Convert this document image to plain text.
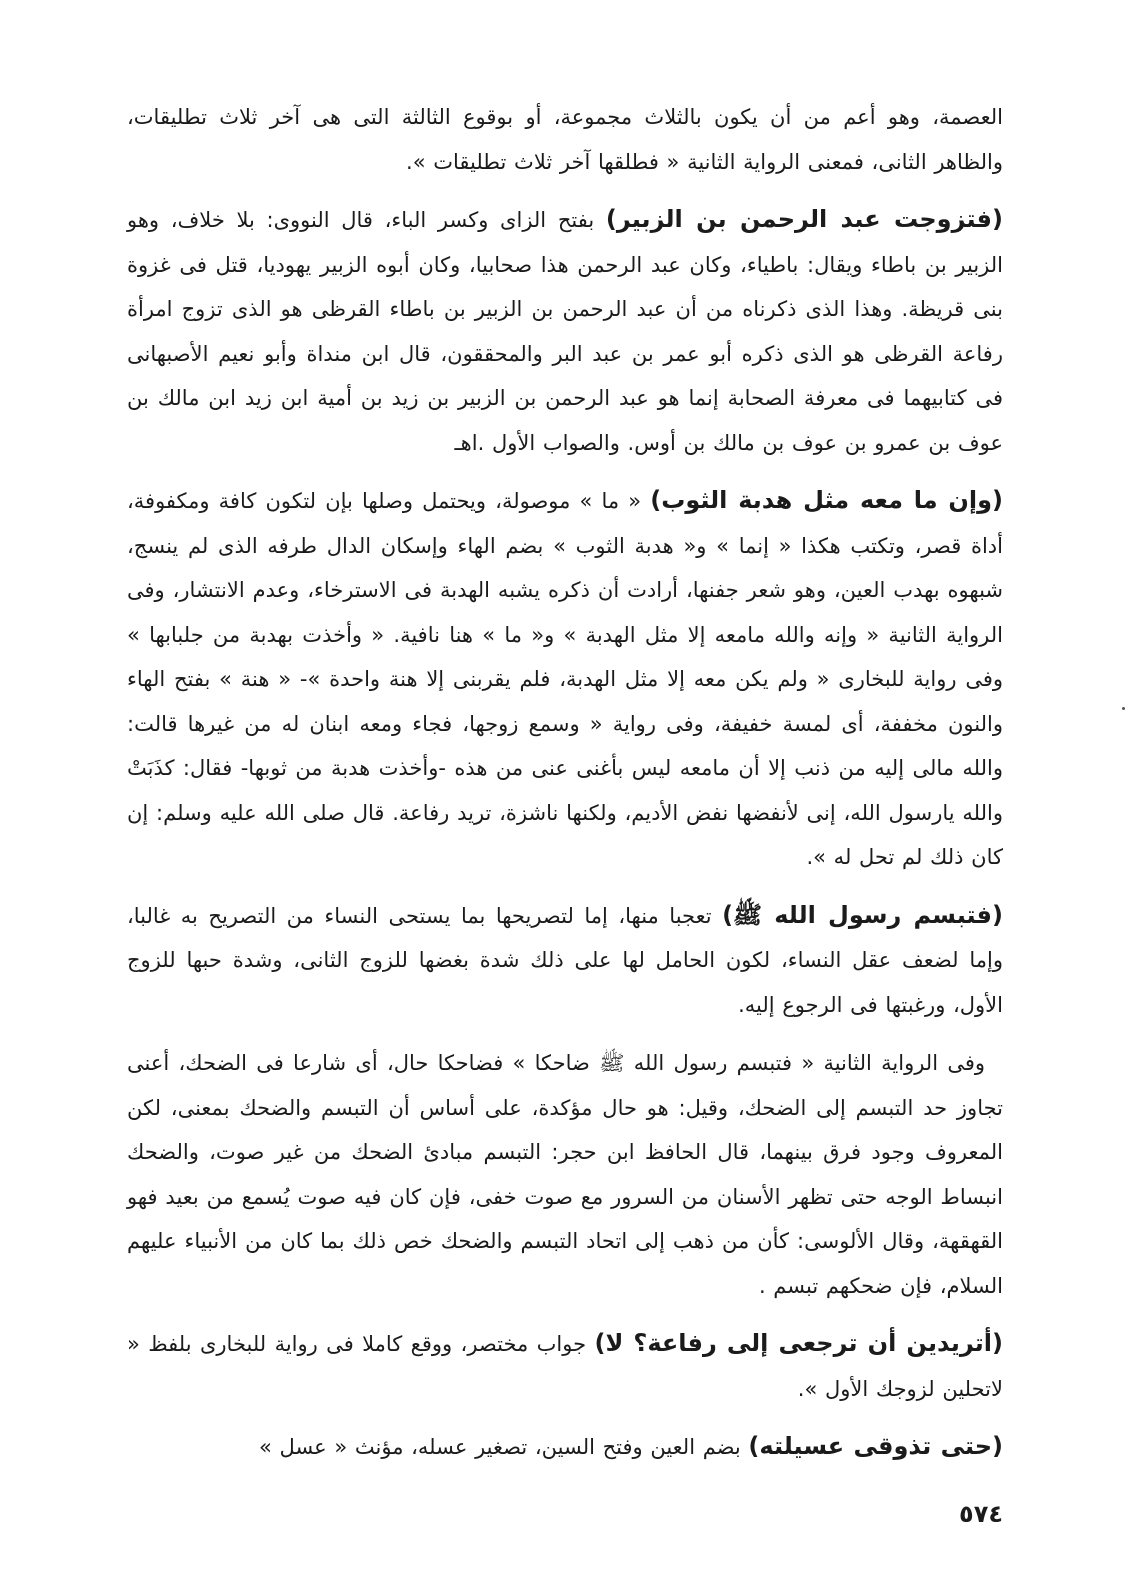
العصمة، وهو أعم من أن يكون بالثلاث مجموعة، أو بوقوع الثالثة التى هى آخر ثلاث تطليقات، والظاهر الثانى، فمعنى الرواية الثانية « فطلقها آخر ثلاث تطليقات ».

(فتزوجت عبد الرحمن بن الزبير) بفتح الزاى وكسر الباء، قال النووى: بلا خلاف، وهو الزبير بن باطاء ويقال: باطياء، وكان عبد الرحمن هذا صحابيا، وكان أبوه الزبير يهوديا، قتل فى غزوة بنى قريظة. وهذا الذى ذكرناه من أن عبد الرحمن بن الزبير بن باطاء القرظى هو الذى تزوج امرأة رفاعة القرظى هو الذى ذكره أبو عمر بن عبد البر والمحققون، قال ابن منداة وأبو نعيم الأصبهانى فى كتابيهما فى معرفة الصحابة إنما هو عبد الرحمن بن الزبير بن زيد بن أمية ابن زيد ابن مالك بن عوف بن عمرو بن عوف بن مالك بن أوس. والصواب الأول .اهـ

(وإن ما معه مثل هدبة الثوب) « ما » موصولة، ويحتمل وصلها بإن لتكون كافة ومكفوفة، أداة قصر، وتكتب هكذا « إنما » و« هدبة الثوب » بضم الهاء وإسكان الدال طرفه الذى لم ينسج، شبهوه بهدب العين، وهو شعر جفنها، أرادت أن ذكره يشبه الهدبة فى الاسترخاء، وعدم الانتشار، وفى الرواية الثانية « وإنه والله مامعه إلا مثل الهدبة » و« ما » هنا نافية. « وأخذت بهدبة من جلبابها » وفى رواية للبخارى « ولم يكن معه إلا مثل الهدبة، فلم يقربنى إلا هنة واحدة »- « هنة » بفتح الهاء والنون مخففة، أى لمسة خفيفة، وفى رواية « وسمع زوجها، فجاء ومعه ابنان له من غيرها قالت: والله مالى إليه من ذنب إلا أن مامعه ليس بأغنى عنى من هذه -وأخذت هدبة من ثوبها- فقال: كذَبَتْ والله يارسول الله، إنى لأنفضها نفض الأديم، ولكنها ناشزة، تريد رفاعة. قال صلى الله عليه وسلم: إن كان ذلك لم تحل له ».

(فتبسم رسول الله ﷺ) تعجبا منها، إما لتصريحها بما يستحى النساء من التصريح به غالبا، وإما لضعف عقل النساء، لكون الحامل لها على ذلك شدة بغضها للزوج الثانى، وشدة حبها للزوج الأول، ورغبتها فى الرجوع إليه.

وفى الرواية الثانية « فتبسم رسول الله ﷺ ضاحكا » فضاحكا حال، أى شارعا فى الضحك، أعنى تجاوز حد التبسم إلى الضحك، وقيل: هو حال مؤكدة، على أساس أن التبسم والضحك بمعنى، لكن المعروف وجود فرق بينهما، قال الحافظ ابن حجر: التبسم مبادئ الضحك من غير صوت، والضحك انبساط الوجه حتى تظهر الأسنان من السرور مع صوت خفى، فإن كان فيه صوت يُسمع من بعيد فهو القهقهة، وقال الألوسى: كأن من ذهب إلى اتحاد التبسم والضحك خص ذلك بما كان من الأنبياء عليهم السلام، فإن ضحكهم تبسم .

(أتريدين أن ترجعى إلى رفاعة؟ لا) جواب مختصر، ووقع كاملا فى رواية للبخارى بلفظ « لاتحلين لزوجك الأول ».

(حتى تذوقى عسيلته) بضم العين وفتح السين، تصغير عسله، مؤنث « عسل »

٥٧٤
